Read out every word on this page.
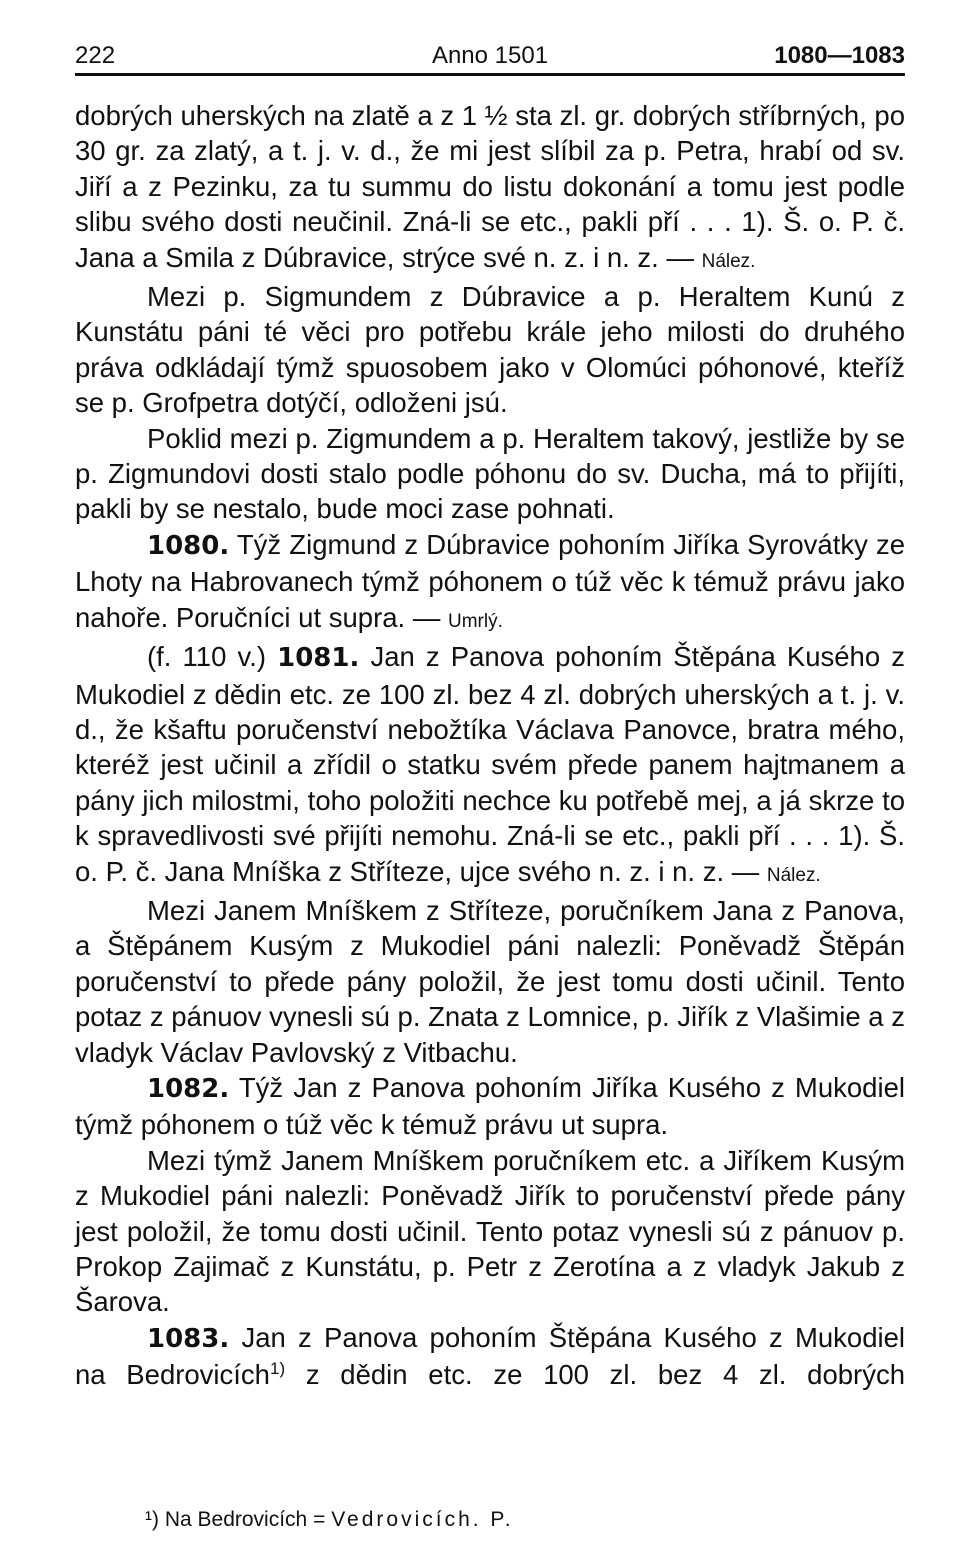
222	Anno 1501	1080—1083

dobrých uherských na zlatě a z 1 ½ sta zl. gr. dobrých stříbrných, po 30 gr. za zlatý, a t. j. v. d., že mi jest slíbil za p. Petra, hrabí od sv. Jiří a z Pezinku, za tu summu do listu dokonání a tomu jest podle slibu svého dosti neučinil. Zná-li se etc., pakli pří . . . 1). Š. o. P. č. Jana a Smila z Dúbravice, strýce své n. z. i n. z. — Nález.

Mezi p. Sigmundem z Dúbravice a p. Heraltem Kunú z Kunstátu páni té věci pro potřebu krále jeho milosti do druhého práva odkládají týmž spuosobem jako v Olomúci póhonové, kteříž se p. Grofpetra dotýčí, odloženi jsú.

Poklid mezi p. Zigmundem a p. Heraltem takový, jestliže by se p. Zigmundovi dosti stalo podle póhonu do sv. Ducha, má to přijíti, pakli by se nestalo, bude moci zase pohnati.

1080. Týž Zigmund z Dúbravice pohoním Jiříka Syrovátky ze Lhoty na Habrovanech týmž póhonem o túž věc k témuž právu jako nahoře. Poručníci ut supra. — Umrlý.

(f. 110 v.) 1081. Jan z Panova pohoním Štěpána Kusého z Mukodiel z dědin etc. ze 100 zl. bez 4 zl. dobrých uherských a t. j. v. d., že kšaftu poručenství nebožtíka Václava Panovce, bratra mého, kteréž jest učinil a zřídil o statku svém přede panem hajtmanem a pány jich milostmi, toho položiti nechce ku potřebě mej, a já skrze to k spravedlivosti své přijíti nemohu. Zná-li se etc., pakli pří . . . 1). Š. o. P. č. Jana Mníška z Stříteze, ujce svého n. z. i n. z. — Nález.

Mezi Janem Mníškem z Stříteze, poručníkem Jana z Panova, a Štěpánem Kusým z Mukodiel páni nalezli: Poněvadž Štěpán poručenství to přede pány položil, že jest tomu dosti učinil. Tento potaz z pánuov vynesli sú p. Znata z Lomnice, p. Jiřík z Vlašimie a z vladyk Václav Pavlovský z Vitbachu.

1082. Týž Jan z Panova pohoním Jiříka Kusého z Mukodiel týmž póhonem o túž věc k témuž právu ut supra.

Mezi týmž Janem Mníškem poručníkem etc. a Jiříkem Kusým z Mukodiel páni nalezli: Poněvadž Jiřík to poručenství přede pány jest položil, že tomu dosti učinil. Tento potaz vynesli sú z pánuov p. Prokop Zajimač z Kunstátu, p. Petr z Zerotína a z vladyk Jakub z Šarova.

1083. Jan z Panova pohoním Štěpána Kusého z Mukodiel na Bedrovicích$^{1)}$ z dědin etc. ze 100 zl. bez 4 zl. dobrých

¹) Na Bedrovicích = Vedrovicích. P.
